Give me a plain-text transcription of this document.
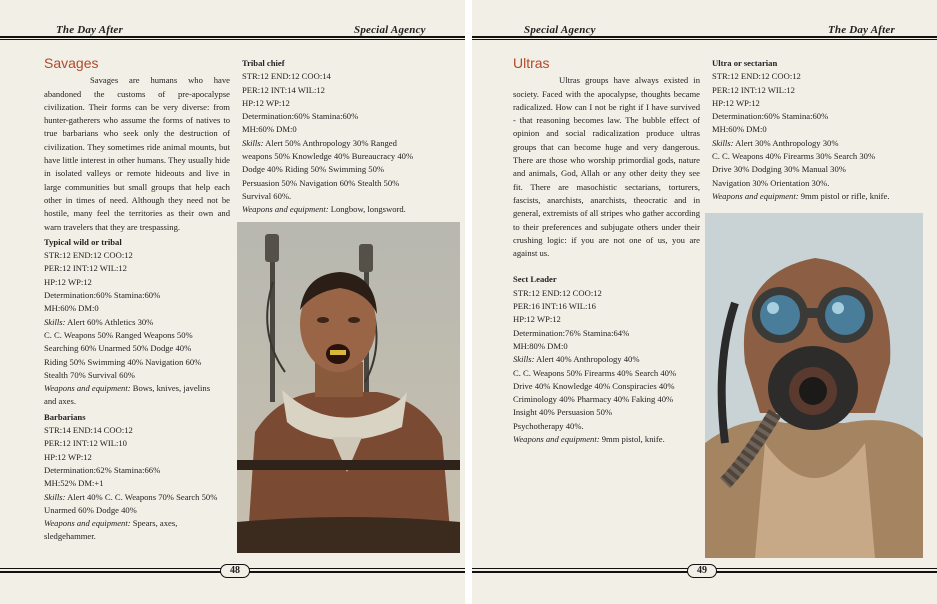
The Day After	Special Agency
Savages
Savages are humans who have abandoned the customs of pre-apocalypse civilization. Their forms can be very diverse: from hunter-gatherers who assume the forms of natives to true barbarians who seek only the destruction of civilization. They sometimes ride animal mounts, but have little interest in other humans. They usually hide in isolated valleys or remote hideouts and live in large communities but small groups that help each other in times of need. Although they need not be hostile, many feel the territories as their own and warn travelers that they are trespassing.
Typical wild or tribal
STR:12 END:12 COO:12
PER:12 INT:12 WIL:12
HP:12 WP:12
Determination:60% Stamina:60%
MH:60% DM:0
Skills: Alert 60% Athletics 30%
C. C. Weapons 50% Ranged Weapons 50%
Searching 60% Unarmed 50% Dodge 40%
Riding 50% Swimming 40% Navigation 60%
Stealth 70% Survival 60%
Weapons and equipment: Bows, knives, javelins
and axes.
Barbarians
STR:14 END:14 COO:12
PER:12 INT:12 WIL:10
HP:12 WP:12
Determination:62% Stamina:66%
MH:52% DM:+1
Skills: Alert 40% C. C. Weapons 70% Search 50%
Unarmed 60% Dodge 40%
Weapons and equipment: Spears, axes,
sledgehammer.
Tribal chief
STR:12 END:12 COO:14
PER:12 INT:14 WIL:12
HP:12 WP:12
Determination:60% Stamina:60%
MH:60% DM:0
Skills: Alert 50% Anthropology 30% Ranged
weapons 50% Knowledge 40% Bureaucracy 40%
Dodge 40% Riding 50% Swimming 50%
Persuasion 50% Navigation 60% Stealth 50%
Survival 60%.
Weapons and equipment: Longbow, longsword.
48
Special Agency	The Day After
Ultras
Ultras groups have always existed in society. Faced with the apocalypse, thoughts became radicalized. How can I not be right if I have survived - that reasoning becomes law. The bubble effect of opinion and social radicalization produce ultras groups that can become huge and very dangerous. There are those who worship primordial gods, nature and animals, God, Allah or any other deity they see fit. There are masochistic sectarians, torturers, fascists, anarchists, anarchists, theocratic and in general, extremists of all stripes who gather according to their preferences and subjugate others under their crushing logic: if you are not one of us, you are against us.
Sect Leader
STR:12 END:12 COO:12
PER:16 INT:16 WIL:16
HP:12 WP:12
Determination:76% Stamina:64%
MH:80% DM:0
Skills: Alert 40% Anthropology 40%
C. C. Weapons 50% Firearms 40% Search 40%
Drive 40% Knowledge 40% Conspiracies 40%
Criminology 40% Pharmacy 40% Faking 40%
Insight 40% Persuasion 50%
Psychotherapy 40%.
Weapons and equipment: 9mm pistol, knife.
Ultra or sectarian
STR:12 END:12 COO:12
PER:12 INT:12 WIL:12
HP:12 WP:12
Determination:60% Stamina:60%
MH:60% DM:0
Skills: Alert 30% Anthropology 30%
C. C. Weapons 40% Firearms 30% Search 30%
Drive 30% Dodging 30% Manual 30%
Navigation 30% Orientation 30%.
Weapons and equipment: 9mm pistol or rifle, knife.
49
